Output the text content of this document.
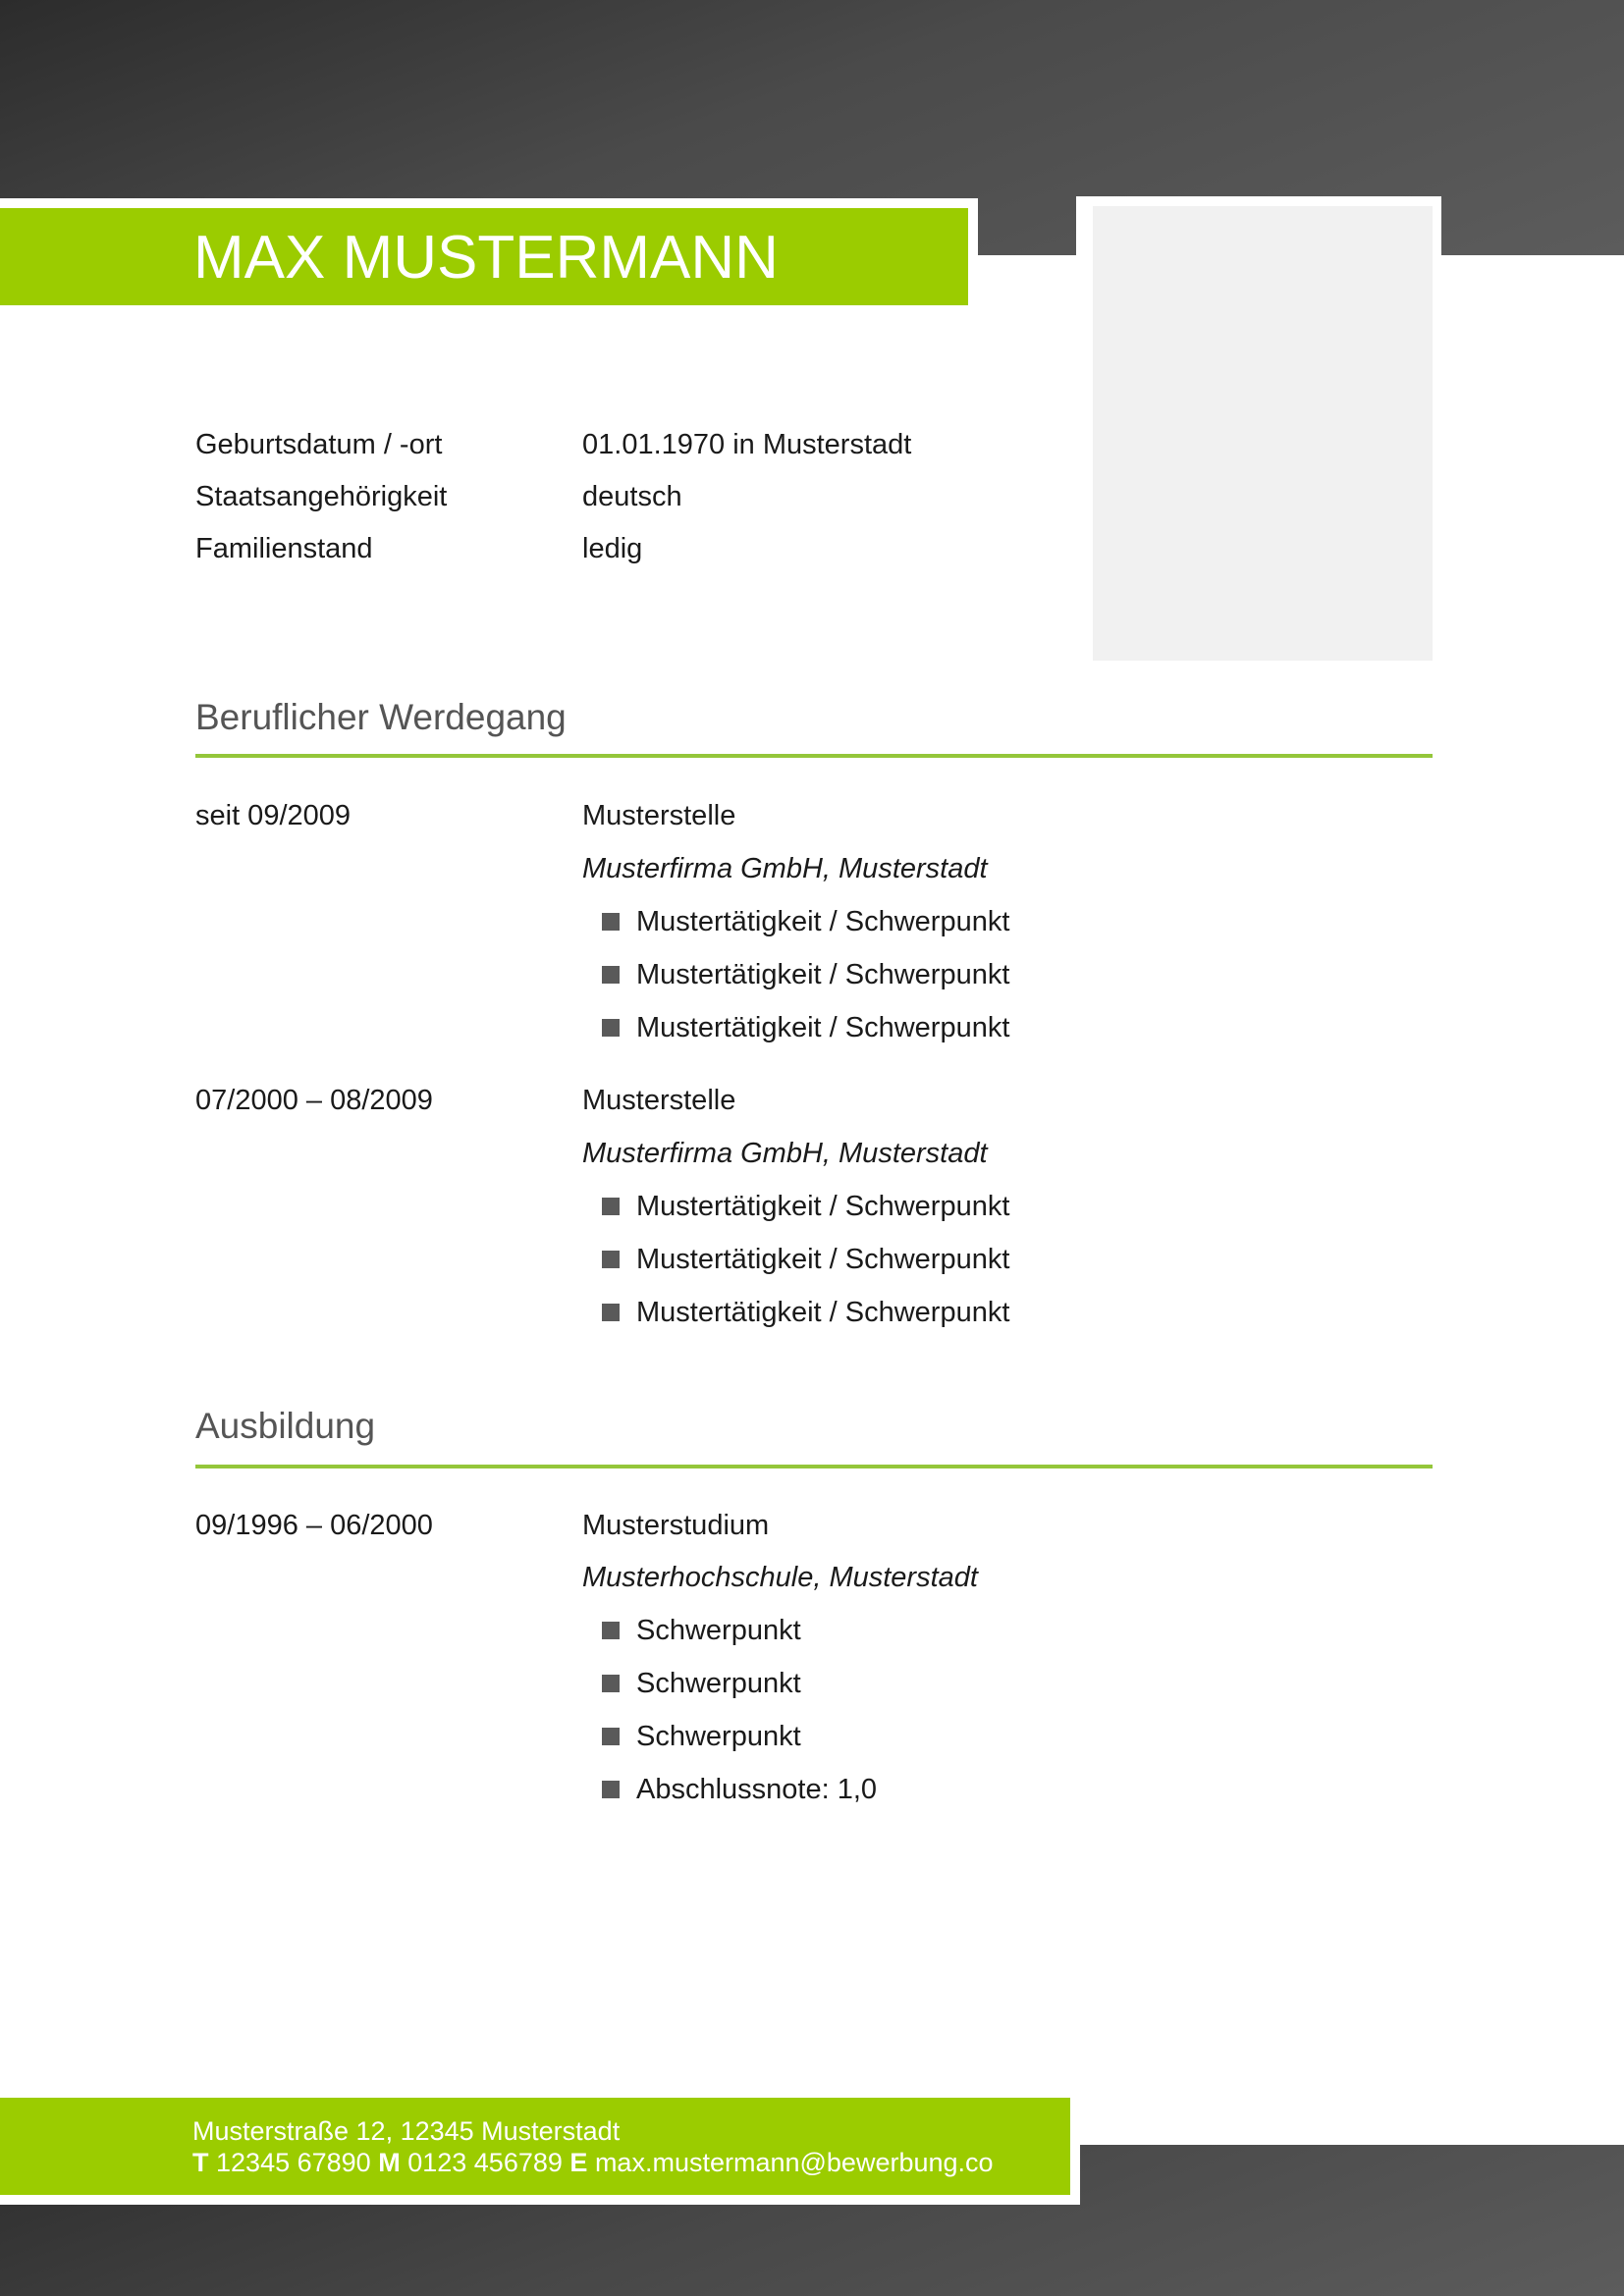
MAX MUSTERMANN
Geburtsdatum / -ort	01.01.1970 in Musterstadt
Staatsangehörigkeit	deutsch
Familienstand	ledig
Beruflicher Werdegang
seit 09/2009	Musterstelle
Musterfirma GmbH, Musterstadt
Mustertätigkeit / Schwerpunkt
Mustertätigkeit / Schwerpunkt
Mustertätigkeit / Schwerpunkt
07/2000 – 08/2009	Musterstelle
Musterfirma GmbH, Musterstadt
Mustertätigkeit / Schwerpunkt
Mustertätigkeit / Schwerpunkt
Mustertätigkeit / Schwerpunkt
Ausbildung
09/1996 – 06/2000	Musterstudium
Musterhochschule, Musterstadt
Schwerpunkt
Schwerpunkt
Schwerpunkt
Abschlussnote: 1,0
Musterstraße 12, 12345 Musterstadt
T 12345 67890 M 0123 456789 E max.mustermann@bewerbung.co
